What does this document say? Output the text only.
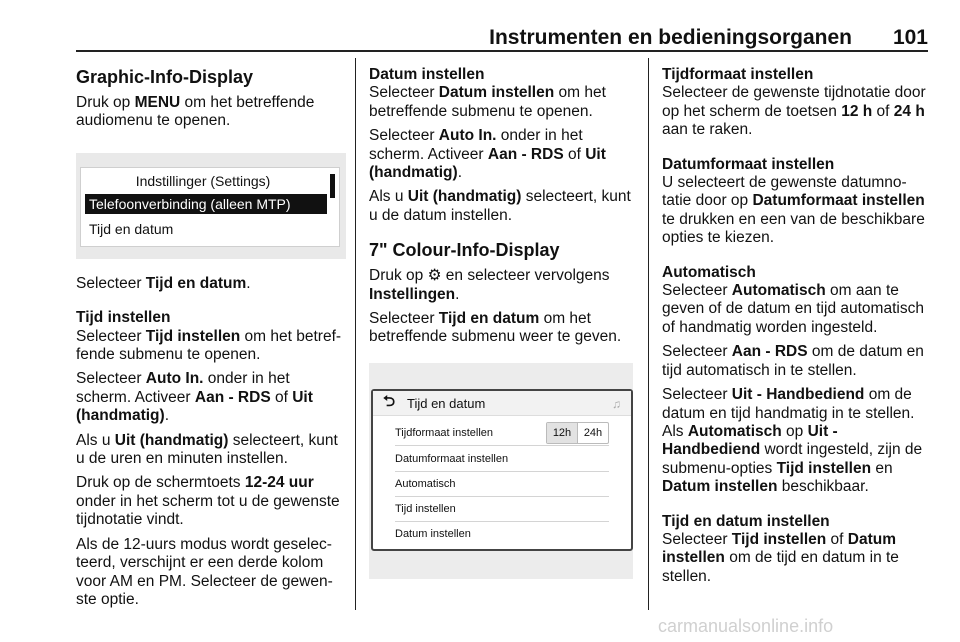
Instrumenten en bedieningsorganen 101
Graphic-Info-Display

Druk op MENU om het betreffende audiomenu te openen.

Indstillinger (Settings)
Telefoonverbinding (alleen MTP)
Tijd en datum

Selecteer Tijd en datum.

Tijd instellen

Selecteer Tijd instellen om het betreffende submenu te openen.

Selecteer Auto In. onder in het scherm. Activeer Aan - RDS of Uit (handmatig).

Als u Uit (handmatig) selecteert, kunt u de uren en minuten instellen.

Druk op de schermtoets 12-24 uur onder in het scherm tot u de gewenste tijdnotatie vindt.

Als de 12-uurs modus wordt geselecteerd, verschijnt er een derde kolom voor AM en PM. Selecteer de gewenste optie.

Datum instellen

Selecteer Datum instellen om het betreffende submenu te openen.

Selecteer Auto In. onder in het scherm. Activeer Aan - RDS of Uit (handmatig).

Als u Uit (handmatig) selecteert, kunt u de datum instellen.

7" Colour-Info-Display

Druk op ⚙ en selecteer vervolgens Instellingen.

Selecteer Tijd en datum om het betreffende submenu weer te geven.

⮌ Tijd en datum	♫
Tijdformaat instellen	12h	24h
Datumformaat instellen
Automatisch
Tijd instellen
Datum instellen
Tijdformaat instellen

Selecteer de gewenste tijdnotatie door op het scherm de toetsen 12 h of 24 h aan te raken.

Datumformaat instellen

U selecteert de gewenste datumnotatie door op Datumformaat instellen te drukken en een van de beschikbare opties te kiezen.

Automatisch

Selecteer Automatisch om aan te geven of de datum en tijd automatisch of handmatig worden ingesteld.

Selecteer Aan - RDS om de datum en tijd automatisch in te stellen.

Selecteer Uit - Handbediend om de datum en tijd handmatig in te stellen. Als Automatisch op Uit - Handbediend wordt ingesteld, zijn de submenu-opties Tijd instellen en Datum instellen beschikbaar.

Tijd en datum instellen

Selecteer Tijd instellen of Datum instellen om de tijd en datum in te stellen.

carmanualsonline.info
